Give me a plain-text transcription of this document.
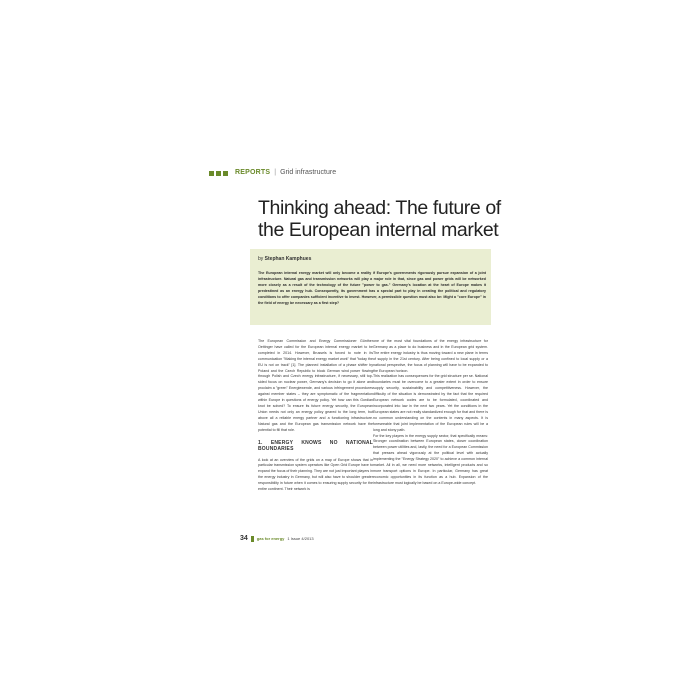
REPORTS | Grid infrastructure
Thinking ahead: The future of the European internal market
by Stephan Kamphues
The European internal energy market will only become a reality if Europe's governments rigorously pursue expansion of a joint infrastructure. Natural gas and transmission networks will play a major role in that, since gas and power grids will be networked more closely as a result of the technology of the future "power to gas." Germany's location at the heart of Europe makes it predestined as an energy hub. Consequently, its government has a special part to play in creating the political and regulatory conditions to offer companies sufficient incentive to invest. However, a permissible question must also be: Might a "core Europe" in the field of energy be necessary as a first step?

The European Commission and Energy Commissioner Günther Oettinger have called for the European internal energy market to be completed in 2014. However, Brussels is forced to note in its communication "Making the internal energy market work" that "today the EU is not on track" [1]. The planned installation of a phase shifter by Poland and the Czech Republic to block German wind power flowing through Polish and Czech energy infrastructure, if necessary, still top-sided focus on nuclear power, Germany's decision to go it alone and proclaim a "green" Energiewende, and various infringement procedures against member states – they are symptomatic of the fragmentation within Europe in questions of energy policy. Yet how can this Gordian knot be solved? To ensure its future energy security, the European Union needs not only an energy policy geared to the long term, but above all a reliable energy partner and a functioning infrastructure. Natural gas and the European gas transmission network have the potential to fill that role.

1. ENERGY KNOWS NO NATIONAL BOUNDARIES

A look at an overview of the grids on a map of Europe shows that in particular transmission system operators like Open Grid Europe have to expand the focus of their planning. They are not just important players in the energy industry in Germany, but will also have to shoulder greater responsibility in future when it comes to ensuring supply security for the entire continent. Their network is

one of the most vital foundations of the energy infrastructure for Germany as a place to do business and in the European grid system. The entire energy industry is thus moving toward a new plane in terms of supply in the 21st century. After being confined to local supply or a national perspective, the focus of planning will have to be expanded to the European horizon.

This realization has consequences for the grid structure per se. National boundaries must be overcome to a greater extent in order to ensure supply security, sustainability and competitiveness. However, the difficulty of the situation is demonstrated by the fact that the required European network codes are to be formulated, coordinated and incorporated into law in the next two years. Yet the conditions in the European states are not really standardized enough for that and there is no common understanding on the contents in many aspects. It is foreseeable that joint implementation of the European rules will be a long and stony path.

For the key players in the energy supply sector, that specifically means: Stronger coordination between European states, closer coordination between power utilities and, lastly, the need for a European Commission that presses ahead vigorously at the political level with actually implementing the "Energy Strategy 2020" to achieve a common internal market. All in all, we need more networks, intelligent products and so more transport options in Europe. In particular, Germany has great economic opportunities in its function as a hub. Expansion of the infrastructure must logically be based on a Europe-wide concept.

34 gas for energy 1 Issue 4/2013
